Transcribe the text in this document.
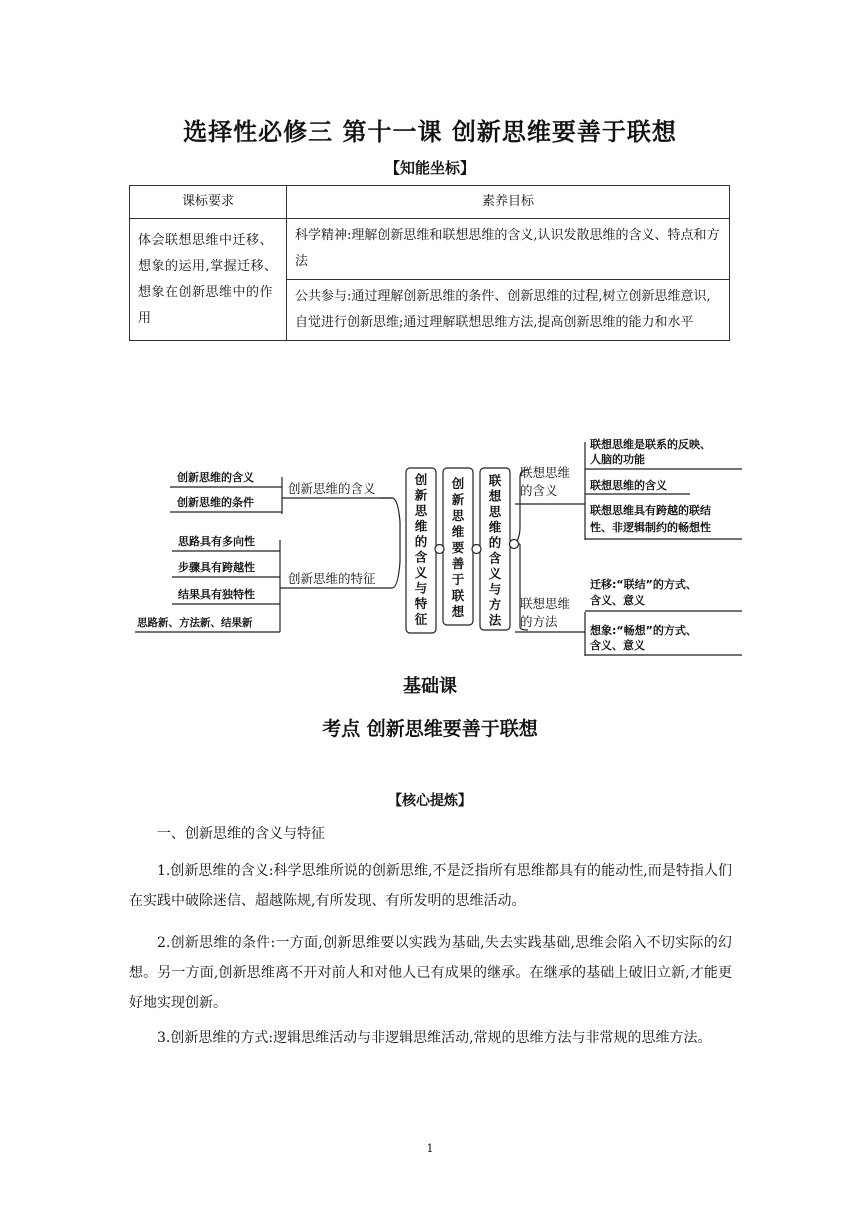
选择性必修三 第十一课 创新思维要善于联想
【知能坐标】
课标要求	素养目标
体会联想思维中迁移、想象的运用,掌握迁移、想象在创新思维中的作用	科学精神:理解创新思维和联想思维的含义,认识发散思维的含义、特点和方法
	公共参与:通过理解创新思维的条件、创新思维的过程,树立创新思维意识,自觉进行创新思维;通过理解联想思维方法,提高创新思维的能力和水平
创新思维的含义
创新思维的条件
思路具有多向性
步骤具有跨越性
结果具有独特性
思路新、方法新、结果新
创新思维的含义
创新思维的特征
联想思维
的含义
联想思维
的方法
联想思维是联系的反映、
人脑的功能
联想思维的含义
联想思维具有跨越的联结
性、非逻辑制约的畅想性
迁移:“联结”的方式、
含义、意义
想象:“畅想”的方式、
含义、意义
创新思维的含义与特征
创新思维要善于联想
联想思维的含义与方法
基础课
考点 创新思维要善于联想
【核心提炼】
一、创新思维的含义与特征
1.创新思维的含义:科学思维所说的创新思维,不是泛指所有思维都具有的能动性,而是特指人们在实践中破除迷信、超越陈规,有所发现、有所发明的思维活动。
2.创新思维的条件:一方面,创新思维要以实践为基础,失去实践基础,思维会陷入不切实际的幻想。另一方面,创新思维离不开对前人和对他人已有成果的继承。在继承的基础上破旧立新,才能更好地实现创新。
3.创新思维的方式:逻辑思维活动与非逻辑思维活动,常规的思维方法与非常规的思维方法。
1
